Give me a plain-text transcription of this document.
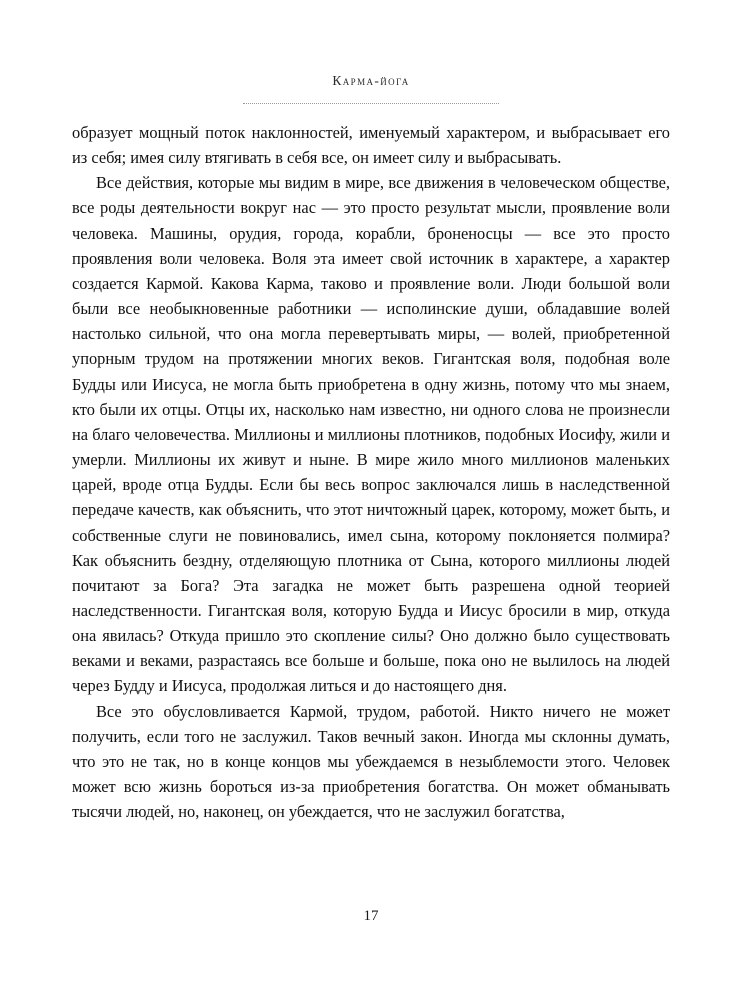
Карма-йога

образует мощный поток наклонностей, именуемый характером, и выбрасывает его из себя; имея силу втягивать в себя все, он имеет силу и выбрасывать.

Все действия, которые мы видим в мире, все движения в человеческом обществе, все роды деятельности вокруг нас — это просто результат мысли, проявление воли человека. Машины, орудия, города, корабли, броненосцы — все это просто проявления воли человека. Воля эта имеет свой источник в характере, а характер создается Кармой. Какова Карма, таково и проявление воли. Люди большой воли были все необыкновенные работники — исполинские души, обладавшие волей настолько сильной, что она могла перевертывать миры, — волей, приобретенной упорным трудом на протяжении многих веков. Гигантская воля, подобная воле Будды или Иисуса, не могла быть приобретена в одну жизнь, потому что мы знаем, кто были их отцы. Отцы их, насколько нам известно, ни одного слова не произнесли на благо человечества. Миллионы и миллионы плотников, подобных Иосифу, жили и умерли. Миллионы их живут и ныне. В мире жило много миллионов маленьких царей, вроде отца Будды. Если бы весь вопрос заключался лишь в наследственной передаче качеств, как объяснить, что этот ничтожный царек, которому, может быть, и собственные слуги не повиновались, имел сына, которому поклоняется полмира? Как объяснить бездну, отделяющую плотника от Сына, которого миллионы людей почитают за Бога? Эта загадка не может быть разрешена одной теорией наследственности. Гигантская воля, которую Будда и Иисус бросили в мир, откуда она явилась? Откуда пришло это скопление силы? Оно должно было существовать веками и веками, разрастаясь все больше и больше, пока оно не вылилось на людей через Будду и Иисуса, продолжая литься и до настоящего дня.

Все это обусловливается Кармой, трудом, работой. Никто ничего не может получить, если того не заслужил. Таков вечный закон. Иногда мы склонны думать, что это не так, но в конце концов мы убеждаемся в незыблемости этого. Человек может всю жизнь бороться из-за приобретения богатства. Он может обманывать тысячи людей, но, наконец, он убеждается, что не заслужил богатства,

17
